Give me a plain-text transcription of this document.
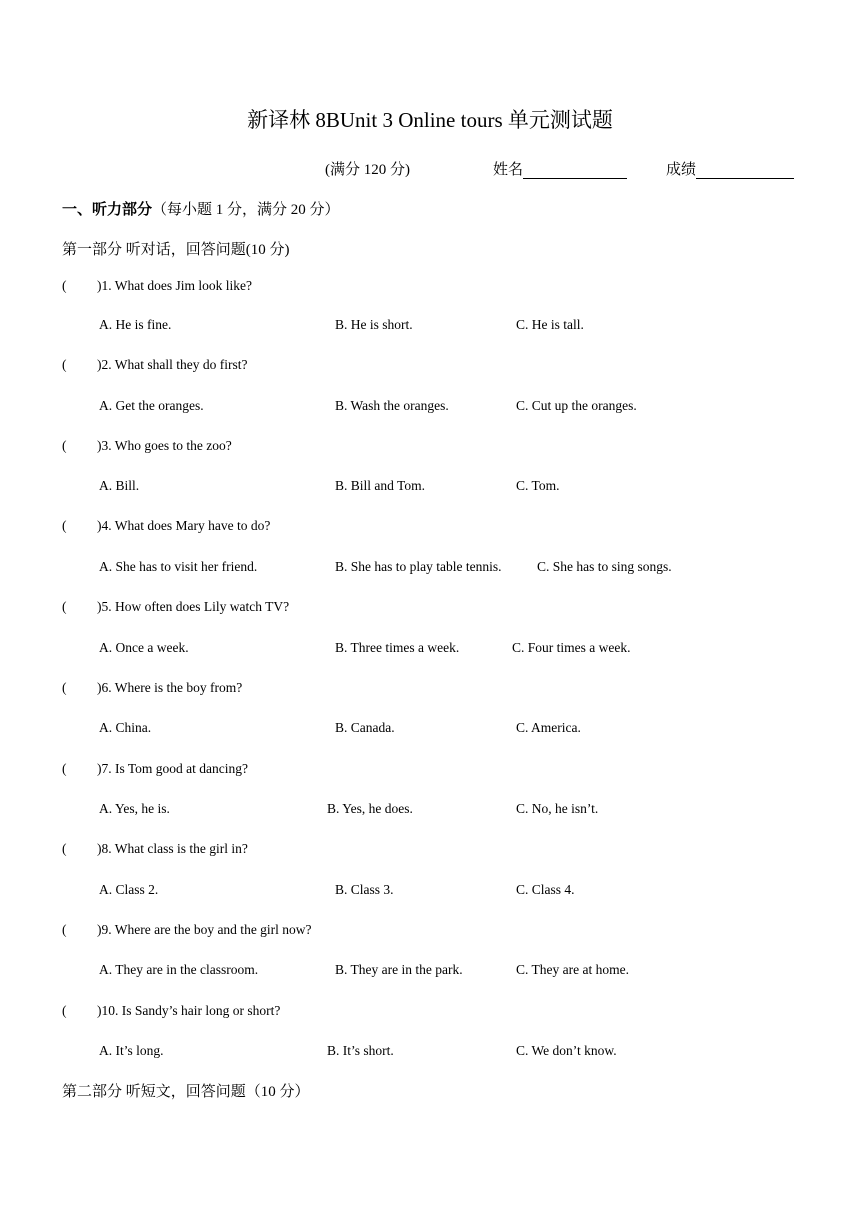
新译林 8BUnit 3 Online tours 单元测试题
(满分 120 分)	姓名	成绩
一、听力部分（每小题 1 分，满分 20 分）
第一部分 听对话，回答问题(10 分)
( )1. What does Jim look like?
A. He is fine.	B. He is short.	C. He is tall.
( )2. What shall they do first?
A. Get the oranges.	B. Wash the oranges.	C. Cut up the oranges.
( )3. Who goes to the zoo?
A. Bill.	B. Bill and Tom.	C. Tom.
( )4. What does Mary have to do?
A. She has to visit her friend.	B. She has to play table tennis.	C. She has to sing songs.
( )5. How often does Lily watch TV?
A. Once a week.	B. Three times a week.	C. Four times a week.
( )6. Where is the boy from?
A. China.	B. Canada.	C. America.
( )7. Is Tom good at dancing?
A. Yes, he is.	B. Yes, he does.	C. No, he isn’t.
( )8. What class is the girl in?
A. Class 2.	B. Class 3.	C. Class 4.
( )9. Where are the boy and the girl now?
A. They are in the classroom.	B. They are in the park.	C. They are at home.
( )10. Is Sandy’s hair long or short?
A. It’s long.	B. It’s short.	C. We don’t know.
第二部分 听短文，回答问题（10 分）
